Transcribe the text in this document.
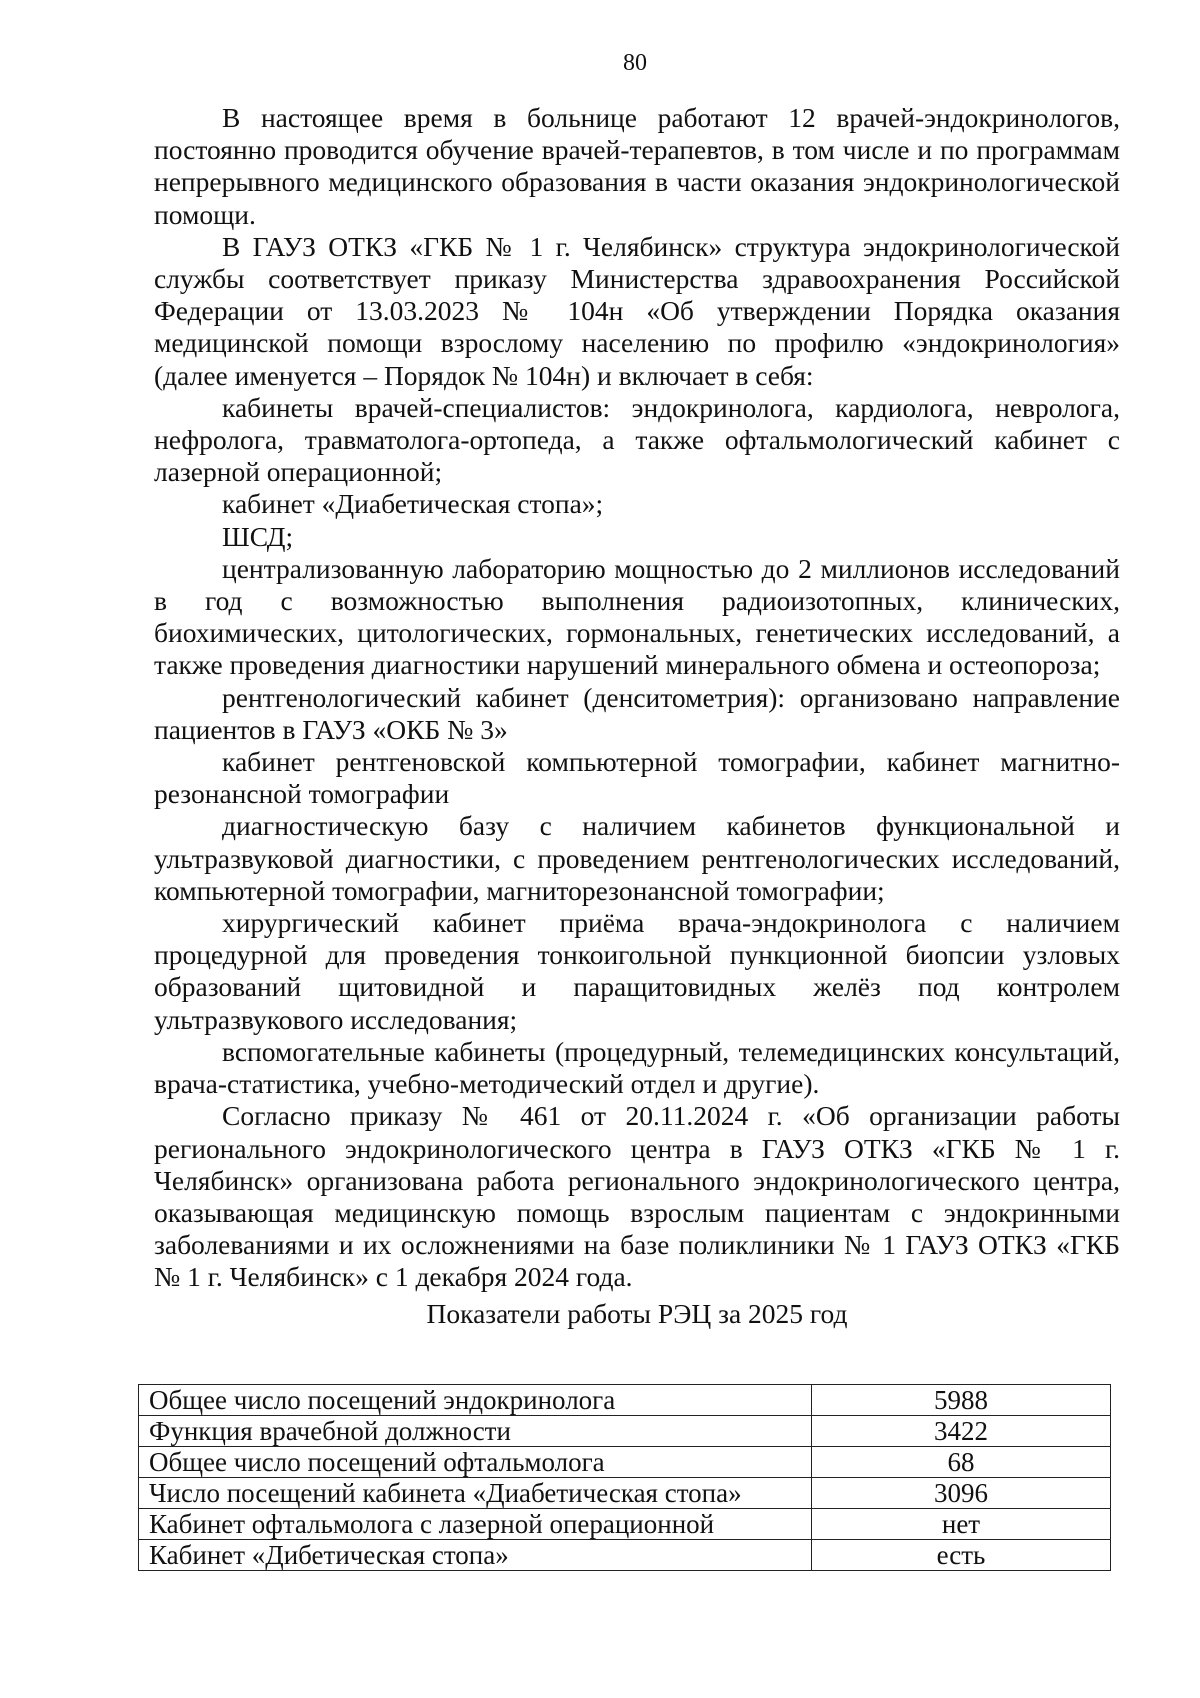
80

В настоящее время в больнице работают 12 врачей-эндокринологов, постоянно проводится обучение врачей-терапевтов, в том числе и по программам непрерывного медицинского образования в части оказания эндокринологической помощи.

В ГАУЗ ОТКЗ «ГКБ № 1 г. Челябинск» структура эндокринологической службы соответствует приказу Министерства здравоохранения Российской Федерации от 13.03.2023 № 104н «Об утверждении Порядка оказания медицинской помощи взрослому населению по профилю «эндокринология» (далее именуется – Порядок № 104н) и включает в себя:

кабинеты врачей-специалистов: эндокринолога, кардиолога, невролога, нефролога, травматолога-ортопеда, а также офтальмологический кабинет с лазерной операционной;

кабинет «Диабетическая стопа»;

ШСД;

централизованную лабораторию мощностью до 2 миллионов исследований в год с возможностью выполнения радиоизотопных, клинических, биохимических, цитологических, гормональных, генетических исследований, а также проведения диагностики нарушений минерального обмена и остеопороза;

рентгенологический кабинет (денситометрия): организовано направление пациентов в ГАУЗ «ОКБ № 3»

кабинет рентгеновской компьютерной томографии, кабинет магнитно-резонансной томографии

диагностическую базу с наличием кабинетов функциональной и ультразвуковой диагностики, с проведением рентгенологических исследований, компьютерной томографии, магниторезонансной томографии;

хирургический кабинет приёма врача-эндокринолога с наличием процедурной для проведения тонкоигольной пункционной биопсии узловых образований щитовидной и паращитовидных желёз под контролем ультразвукового исследования;

вспомогательные кабинеты (процедурный, телемедицинских консультаций, врача-статистика, учебно-методический отдел и другие).

Согласно приказу № 461 от 20.11.2024 г. «Об организации работы регионального эндокринологического центра в ГАУЗ ОТКЗ «ГКБ № 1 г. Челябинск» организована работа регионального эндокринологического центра, оказывающая медицинскую помощь взрослым пациентам с эндокринными заболеваниями и их осложнениями на базе поликлиники № 1 ГАУЗ ОТКЗ «ГКБ № 1 г. Челябинск» с 1 декабря 2024 года.

Показатели работы РЭЦ за 2025 год

Общее число посещений эндокринолога	5988
Функция врачебной должности	3422
Общее число посещений офтальмолога	68
Число посещений кабинета «Диабетическая стопа»	3096
Кабинет офтальмолога с лазерной операционной	нет
Кабинет «Дибетическая стопа»	есть
